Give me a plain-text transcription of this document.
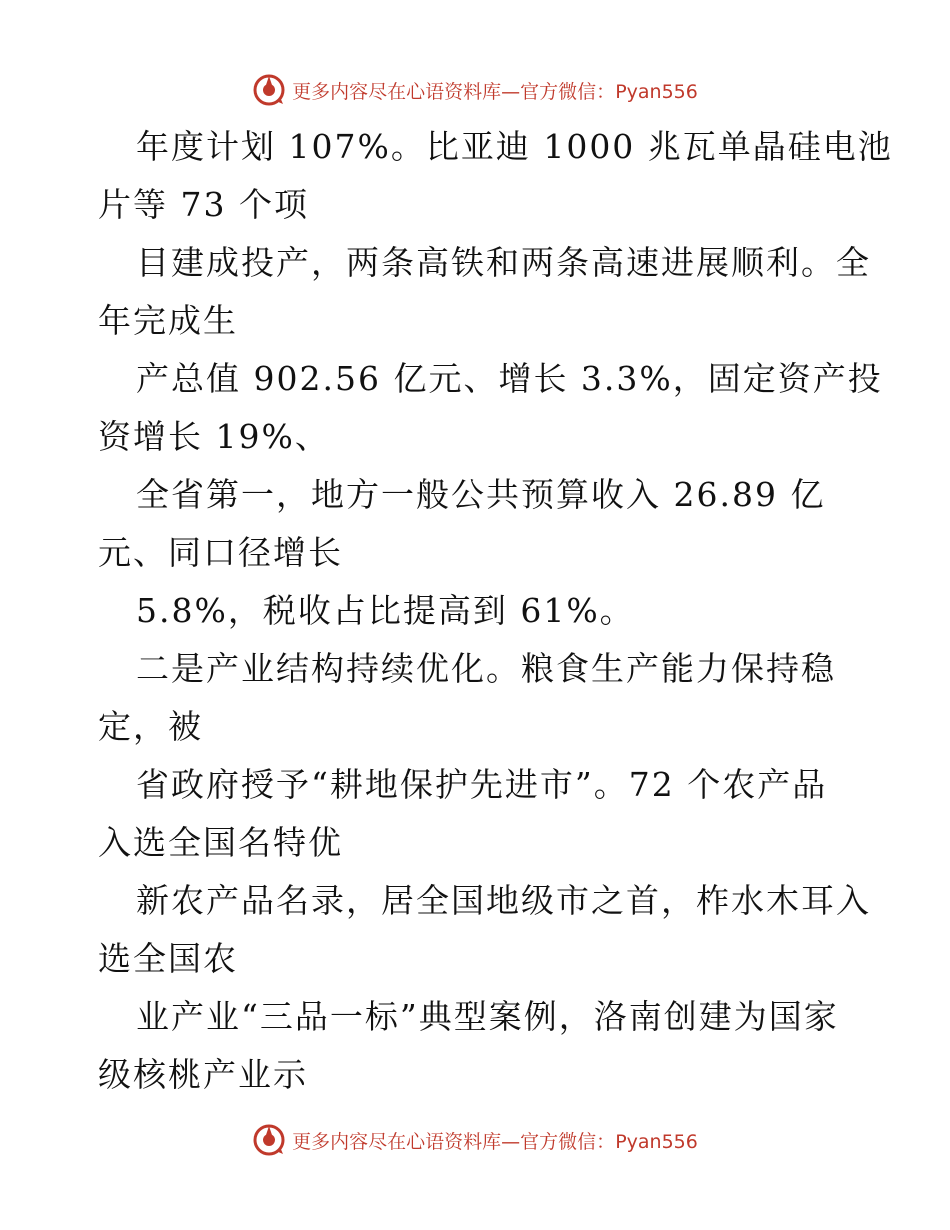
更多内容尽在心语资料库—官方微信：Pyan556
年度计划 107%。比亚迪 1000 兆瓦单晶硅电池
片等 73 个项
目建成投产，两条高铁和两条高速进展顺利。全
年完成生
产总值 902.56 亿元、增长 3.3%，固定资产投
资增长 19%、
全省第一，地方一般公共预算收入 26.89 亿
元、同口径增长
5.8%，税收占比提高到 61%。
二是产业结构持续优化。粮食生产能力保持稳
定，被
省政府授予“耕地保护先进市”。72 个农产品
入选全国名特优
新农产品名录，居全国地级市之首，柞水木耳入
选全国农
业产业“三品一标”典型案例，洛南创建为国家
级核桃产业示
更多内容尽在心语资料库—官方微信：Pyan556
